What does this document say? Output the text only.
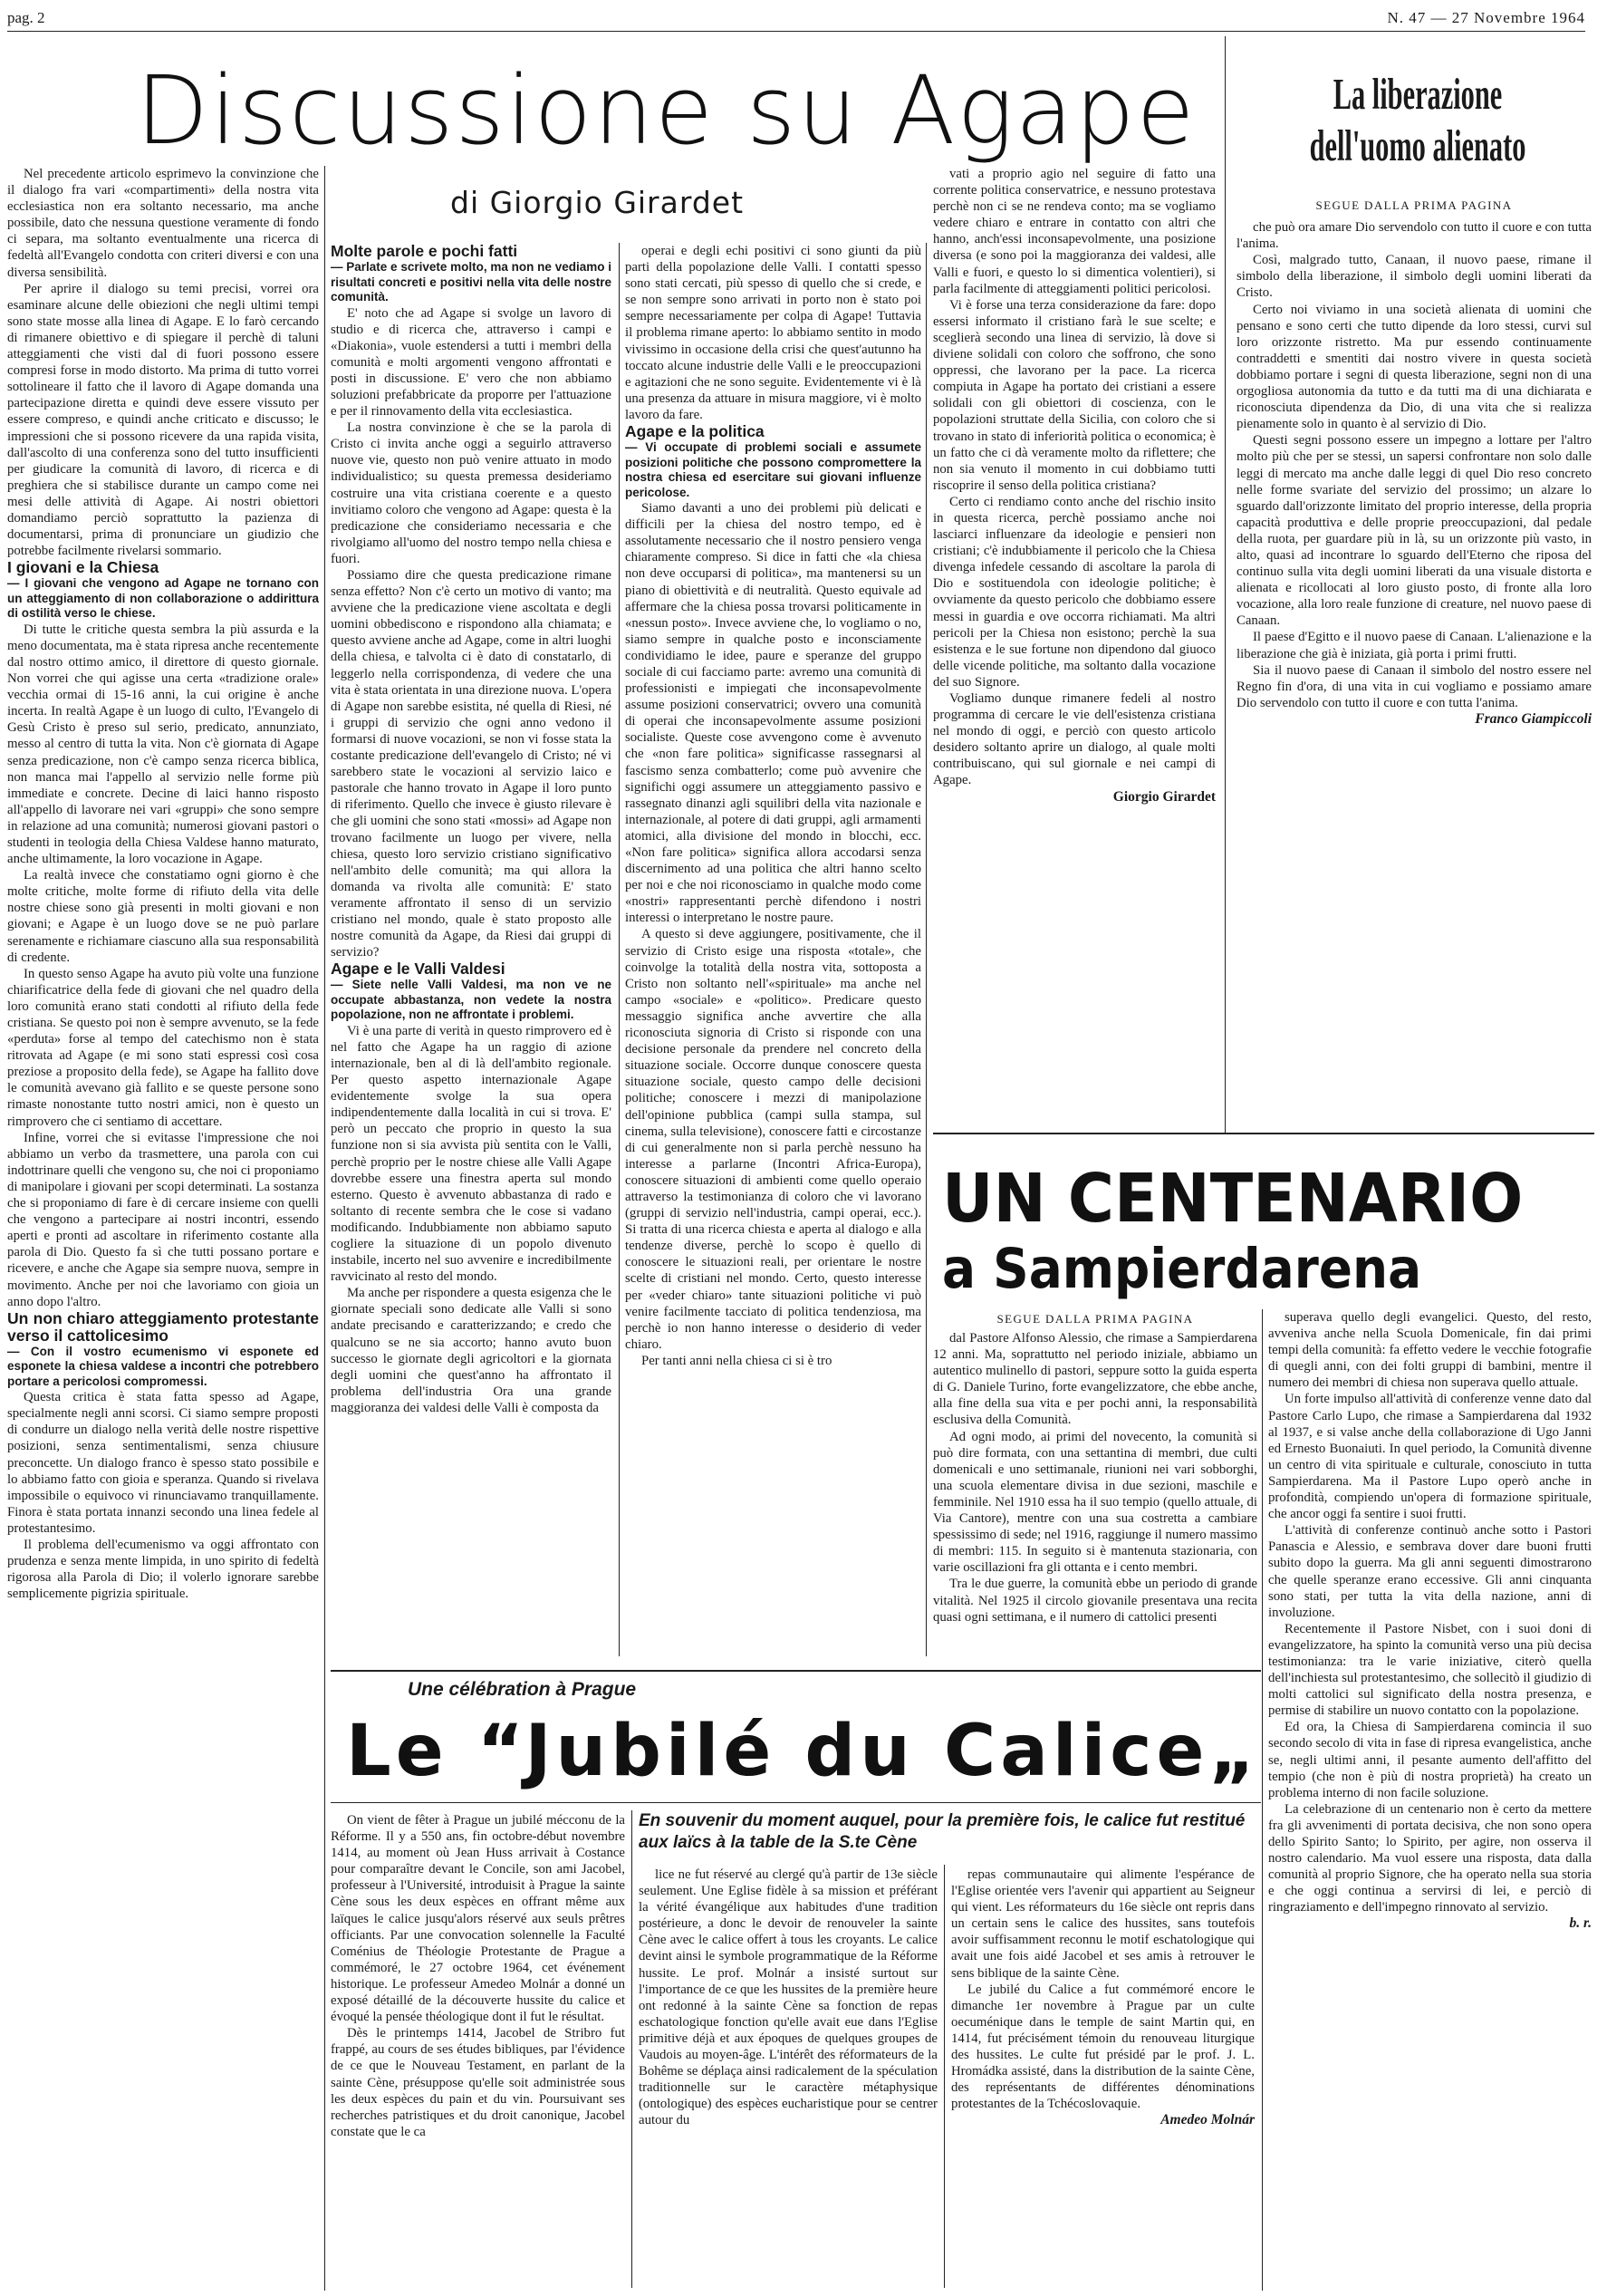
pag. 2	N. 47 — 27 Novembre 1964
Discussione su Agape
di Giorgio Girardet

Nel precedente articolo esprimevo la convinzione che il dialogo fra vari «compartimenti» della nostra vita ecclesiastica non era soltanto necessario, ma anche possibile, dato che nessuna questione veramente di fondo ci separa, ma soltanto eventualmente una ricerca di fedeltà all'Evangelo condotta con criteri diversi e con una diversa sensibilità.

Per aprire il dialogo su temi precisi, vorrei ora esaminare alcune delle obiezioni che negli ultimi tempi sono state mosse alla linea di Agape. E lo farò cercando di rimanere obiettivo e di spiegare il perchè di taluni atteggiamenti che visti dal di fuori possono essere compresi forse in modo distorto. Ma prima di tutto vorrei sottolineare il fatto che il lavoro di Agape domanda una partecipazione diretta e quindi deve essere vissuto per essere compreso, e quindi anche criticato e discusso; le impressioni che si possono ricevere da una rapida visita, dall'ascolto di una conferenza sono del tutto insufficienti per giudicare la comunità di lavoro, di ricerca e di preghiera che si stabilisce durante un campo come nei mesi delle attività di Agape. Ai nostri obiettori domandiamo perciò soprattutto la pazienza di documentarsi, prima di pronunciare un giudizio che potrebbe facilmente rivelarsi sommario.

I giovani e la Chiesa

— I giovani che vengono ad Agape ne tornano con un atteggiamento di non collaborazione o addirittura di ostilità verso le chiese.

Di tutte le critiche questa sembra la più assurda e la meno documentata, ma è stata ripresa anche recentemente dal nostro ottimo amico, il direttore di questo giornale. Non vorrei che qui agisse una certa «tradizione orale» vecchia ormai di 15-16 anni, la cui origine è anche incerta. In realtà Agape è un luogo di culto, l'Evangelo di Gesù Cristo è preso sul serio, predicato, annunziato, messo al centro di tutta la vita. Non c'è giornata di Agape senza predicazione, non c'è campo senza ricerca biblica, non manca mai l'appello al servizio nelle forme più immediate e concrete. Decine di laici hanno risposto all'appello di lavorare nei vari «gruppi» che sono sempre in relazione ad una comunità; numerosi giovani pastori o studenti in teologia della Chiesa Valdese hanno maturato, anche ultimamente, la loro vocazione in Agape.

La realtà invece che constatiamo ogni giorno è che molte critiche, molte forme di rifiuto della vita delle nostre chiese sono già presenti in molti giovani e non giovani; e Agape è un luogo dove se ne può parlare serenamente e richiamare ciascuno alla sua responsabilità di credente.

In questo senso Agape ha avuto più volte una funzione chiarificatrice della fede di giovani che nel quadro della loro comunità erano stati condotti al rifiuto della fede cristiana. Se questo poi non è sempre avvenuto, se la fede «perduta» forse al tempo del catechismo non è stata ritrovata ad Agape (e mi sono stati espressi così cosa preziose a proposito della fede), se Agape ha fallito dove le comunità avevano già fallito e se queste persone sono rimaste nonostante tutto nostri amici, non è questo un rimprovero che ci sentiamo di accettare.

Infine, vorrei che si evitasse l'impressione che noi abbiamo un verbo da trasmettere, una parola con cui indottrinare quelli che vengono su, che noi ci proponiamo di manipolare i giovani per scopi determinati. La sostanza che si proponiamo di fare è di cercare insieme con quelli che vengono a partecipare ai nostri incontri, essendo aperti e pronti ad ascoltare in riferimento costante alla parola di Dio. Questo fa sì che tutti possano portare e ricevere, e anche che Agape sia sempre nuova, sempre in movimento. Anche per noi che lavoriamo con gioia un anno dopo l'altro.

Un non chiaro atteggiamento protestante verso il cattolicesimo

— Con il vostro ecumenismo vi esponete ed esponete la chiesa valdese a incontri che potrebbero portare a pericolosi compromessi.

Questa critica è stata fatta spesso ad Agape, specialmente negli anni scorsi. Ci siamo sempre proposti di condurre un dialogo nella verità delle nostre rispettive posizioni, senza sentimentalismi, senza chiusure preconcette. Un dialogo franco è spesso stato possibile e lo abbiamo fatto con gioia e speranza. Quando si rivelava impossibile o equivoco vi rinunciavamo tranquillamente. Finora è stata portata innanzi secondo una linea fedele al protestantesimo.

Il problema dell'ecumenismo va oggi affrontato con prudenza e senza mente limpida, in uno spirito di fedeltà rigorosa alla Parola di Dio; il volerlo ignorare sarebbe semplicemente pigrizia spirituale.

Molte parole e pochi fatti

— Parlate e scrivete molto, ma non ne vediamo i risultati concreti e positivi nella vita delle nostre comunità.

E' noto che ad Agape si svolge un lavoro di studio e di ricerca che, attraverso i campi e «Diakonia», vuole estendersi a tutti i membri della comunità e molti argomenti vengono affrontati e posti in discussione. E' vero che non abbiamo soluzioni prefabbricate da proporre per l'attuazione e per il rinnovamento della vita ecclesiastica.

La nostra convinzione è che se la parola di Cristo ci invita anche oggi a seguirlo attraverso nuove vie, questo non può venire attuato in modo individualistico; su questa premessa desideriamo costruire una vita cristiana coerente e a questo invitiamo coloro che vengono ad Agape: questa è la predicazione che consideriamo necessaria e che rivolgiamo all'uomo del nostro tempo nella chiesa e fuori.

Possiamo dire che questa predicazione rimane senza effetto? Non c'è certo un motivo di vanto; ma avviene che la predicazione viene ascoltata e degli uomini obbediscono e rispondono alla chiamata; e questo avviene anche ad Agape, come in altri luoghi della chiesa, e talvolta ci è dato di constatarlo, di leggerlo nella corrispondenza, di vedere che una vita è stata orientata in una direzione nuova. L'opera di Agape non sarebbe esistita, né quella di Riesi, né i gruppi di servizio che ogni anno vedono il formarsi di nuove vocazioni, se non vi fosse stata la costante predicazione dell'evangelo di Cristo; né vi sarebbero state le vocazioni al servizio laico e pastorale che hanno trovato in Agape il loro punto di riferimento. Quello che invece è giusto rilevare è che gli uomini che sono stati «mossi» ad Agape non trovano facilmente un luogo per vivere, nella chiesa, questo loro servizio cristiano significativo nell'ambito delle comunità; ma qui allora la domanda va rivolta alle comunità: E' stato veramente affrontato il senso di un servizio cristiano nel mondo, quale è stato proposto alle nostre comunità da Agape, da Riesi dai gruppi di servizio?

Agape e le Valli Valdesi

— Siete nelle Valli Valdesi, ma non ve ne occupate abbastanza, non vedete la nostra popolazione, non ne affrontate i problemi.

Vi è una parte di verità in questo rimprovero ed è nel fatto che Agape ha un raggio di azione internazionale, ben al di là dell'ambito regionale. Per questo aspetto internazionale Agape evidentemente svolge la sua opera indipendentemente dalla località in cui si trova. E' però un peccato che proprio in questo la sua funzione non si sia avvista più sentita con le Valli, perchè proprio per le nostre chiese alle Valli Agape dovrebbe essere una finestra aperta sul mondo esterno. Questo è avvenuto abbastanza di rado e soltanto di recente sembra che le cose si vadano modificando. Indubbiamente non abbiamo saputo cogliere la situazione di un popolo divenuto instabile, incerto nel suo avvenire e incredibilmente ravvicinato al resto del mondo.

Ma anche per rispondere a questa esigenza che le giornate speciali sono dedicate alle Valli si sono andate precisando e caratterizzando; e credo che qualcuno se ne sia accorto; hanno avuto buon successo le giornate degli agricoltori e la giornata degli uomini che quest'anno ha affrontato il problema dell'industria Ora una grande maggioranza dei valdesi delle Valli è composta da

operai e degli echi positivi ci sono giunti da più parti della popolazione delle Valli. I contatti spesso sono stati cercati, più spesso di quello che si crede, e se non sempre sono arrivati in porto non è stato poi sempre necessariamente per colpa di Agape! Tuttavia il problema rimane aperto: lo abbiamo sentito in modo vivissimo in occasione della crisi che quest'autunno ha toccato alcune industrie delle Valli e le preoccupazioni e agitazioni che ne sono seguite. Evidentemente vi è là una presenza da attuare in misura maggiore, vi è molto lavoro da fare.

Agape e la politica

— Vi occupate di problemi sociali e assumete posizioni politiche che possono compromettere la nostra chiesa ed esercitare sui giovani influenze pericolose.

Siamo davanti a uno dei problemi più delicati e difficili per la chiesa del nostro tempo, ed è assolutamente necessario che il nostro pensiero venga chiaramente compreso. Si dice in fatti che «la chiesa non deve occuparsi di politica», ma mantenersi su un piano di obiettività e di neutralità. Questo equivale ad affermare che la chiesa possa trovarsi politicamente in «nessun posto». Invece avviene che, lo vogliamo o no, siamo sempre in qualche posto e inconsciamente condividiamo le idee, paure e speranze del gruppo sociale di cui facciamo parte: avremo una comunità di professionisti e impiegati che inconsapevolmente assume posizioni conservatrici; ovvero una comunità di operai che inconsapevolmente assume posizioni socialiste. Queste cose avvengono come è avvenuto che «non fare politica» significasse rassegnarsi al fascismo senza combatterlo; come può avvenire che significhi oggi assumere un atteggiamento passivo e rassegnato dinanzi agli squilibri della vita nazionale e internazionale, al potere di dati gruppi, agli armamenti atomici, alla divisione del mondo in blocchi, ecc. «Non fare politica» significa allora accodarsi senza discernimento ad una politica che altri hanno scelto per noi e che noi riconosciamo in qualche modo come «nostri» rappresentanti perchè difendono i nostri interessi o interpretano le nostre paure.

A questo si deve aggiungere, positivamente, che il servizio di Cristo esige una risposta «totale», che coinvolge la totalità della nostra vita, sottoposta a Cristo non soltanto nell'«spirituale» ma anche nel campo «sociale» e «politico». Predicare questo messaggio significa anche avvertire che alla riconosciuta signoria di Cristo si risponde con una decisione personale da prendere nel concreto della situazione sociale. Occorre dunque conoscere questa situazione sociale, questo campo delle decisioni politiche; conoscere i mezzi di manipolazione dell'opinione pubblica (campi sulla stampa, sul cinema, sulla televisione), conoscere fatti e circostanze di cui generalmente non si parla perchè nessuno ha interesse a parlarne (Incontri Africa-Europa), conoscere situazioni di ambienti come quello operaio attraverso la testimonianza di coloro che vi lavorano (gruppi di servizio nell'industria, campi operai, ecc.). Si tratta di una ricerca chiesta e aperta al dialogo e alla tendenze diverse, perchè lo scopo è quello di conoscere le situazioni reali, per orientare le nostre scelte di cristiani nel mondo. Certo, questo interesse per «veder chiaro» tante situazioni politiche vi può venire facilmente tacciato di politica tendenziosa, ma perchè io non hanno interesse o desiderio di veder chiaro.

Per tanti anni nella chiesa ci si è tro

vati a proprio agio nel seguire di fatto una corrente politica conservatrice, e nessuno protestava perchè non ci se ne rendeva conto; ma se vogliamo vedere chiaro e entrare in contatto con altri che hanno, anch'essi inconsapevolmente, una posizione diversa (e sono poi la maggioranza dei valdesi, alle Valli e fuori, e questo lo si dimentica volentieri), si parla facilmente di atteggiamenti politici pericolosi.

Vi è forse una terza considerazione da fare: dopo essersi informato il cristiano farà le sue scelte; e sceglierà secondo una linea di servizio, là dove si diviene solidali con coloro che soffrono, che sono oppressi, che lavorano per la pace. La ricerca compiuta in Agape ha portato dei cristiani a essere solidali con gli obiettori di coscienza, con le popolazioni struttate della Sicilia, con coloro che si trovano in stato di inferiorità politica o economica; è un fatto che ci dà veramente molto da riflettere; che non sia venuto il momento in cui dobbiamo tutti riscoprire il senso della politica cristiana?

Certo ci rendiamo conto anche del rischio insito in questa ricerca, perchè possiamo anche noi lasciarci influenzare da ideologie e pensieri non cristiani; c'è indubbiamente il pericolo che la Chiesa divenga infedele cessando di ascoltare la parola di Dio e sostituendola con ideologie politiche; è ovviamente da questo pericolo che dobbiamo essere messi in guardia e ove occorra richiamati. Ma altri pericoli per la Chiesa non esistono; perchè la sua esistenza e le sue fortune non dipendono dal giuoco delle vicende politiche, ma soltanto dalla vocazione del suo Signore.

Vogliamo dunque rimanere fedeli al nostro programma di cercare le vie dell'esistenza cristiana nel mondo di oggi, e perciò con questo articolo desidero soltanto aprire un dialogo, al quale molti contribuiscano, qui sul giornale e nei campi di Agape.

Giorgio Girardet

La liberazione
dell'uomo alienato

SEGUE DALLA PRIMA PAGINA

che può ora amare Dio servendolo con tutto il cuore e con tutta l'anima.

Così, malgrado tutto, Canaan, il nuovo paese, rimane il simbolo della liberazione, il simbolo degli uomini liberati da Cristo.

Certo noi viviamo in una società alienata di uomini che pensano e sono certi che tutto dipende da loro stessi, curvi sul loro orizzonte ristretto. Ma pur essendo continuamente contraddetti e smentiti dai nostro vivere in questa società dobbiamo portare i segni di questa liberazione, segni non di una orgogliosa autonomia da tutto e da tutti ma di una dichiarata e riconosciuta dipendenza da Dio, di una vita che si realizza pienamente solo in quanto è al servizio di Dio.

Questi segni possono essere un impegno a lottare per l'altro molto più che per se stessi, un sapersi confrontare non solo dalle leggi di mercato ma anche dalle leggi di quel Dio reso concreto nelle forme svariate del servizio del prossimo; un alzare lo sguardo dall'orizzonte limitato del proprio interesse, della propria capacità produttiva e delle proprie preoccupazioni, dal pedale della ruota, per guardare più in là, su un orizzonte più vasto, in alto, quasi ad incontrare lo sguardo dell'Eterno che riposa del continuo sulla vita degli uomini liberati da una visuale distorta e alienata e ricollocati al loro giusto posto, di fronte alla loro vocazione, alla loro reale funzione di creature, nel nuovo paese di Canaan.

Il paese d'Egitto e il nuovo paese di Canaan. L'alienazione e la liberazione che già è iniziata, già porta i primi frutti.

Sia il nuovo paese di Canaan il simbolo del nostro essere nel Regno fin d'ora, di una vita in cui vogliamo e possiamo amare Dio servendolo con tutto il cuore e con tutta l'anima.

Franco Giampiccoli

UN CENTENARIO
a Sampierdarena
SEGUE DALLA PRIMA PAGINA

dal Pastore Alfonso Alessio, che rimase a Sampierdarena 12 anni. Ma, soprattutto nel periodo iniziale, abbiamo un autentico mulinello di pastori, seppure sotto la guida esperta di G. Daniele Turino, forte evangelizzatore, che ebbe anche, alla fine della sua vita e per pochi anni, la responsabilità esclusiva della Comunità.

Ad ogni modo, ai primi del novecento, la comunità si può dire formata, con una settantina di membri, due culti domenicali e uno settimanale, riunioni nei vari sobborghi, una scuola elementare divisa in due sezioni, maschile e femminile. Nel 1910 essa ha il suo tempio (quello attuale, di Via Cantore), mentre con una sua costretta a cambiare spessissimo di sede; nel 1916, raggiunge il numero massimo di membri: 115. In seguito si è mantenuta stazionaria, con varie oscillazioni fra gli ottanta e i cento membri.

Tra le due guerre, la comunità ebbe un periodo di grande vitalità. Nel 1925 il circolo giovanile presentava una recita quasi ogni settimana, e il numero di cattolici presenti

superava quello degli evangelici. Questo, del resto, avveniva anche nella Scuola Domenicale, fin dai primi tempi della comunità: fa effetto vedere le vecchie fotografie di quegli anni, con dei folti gruppi di bambini, mentre il numero dei membri di chiesa non superava quello attuale.

Un forte impulso all'attività di conferenze venne dato dal Pastore Carlo Lupo, che rimase a Sampierdarena dal 1932 al 1937, e si valse anche della collaborazione di Ugo Janni ed Ernesto Buonaiuti. In quel periodo, la Comunità divenne un centro di vita spirituale e culturale, conosciuto in tutta Sampierdarena. Ma il Pastore Lupo operò anche in profondità, compiendo un'opera di formazione spirituale, che ancor oggi fa sentire i suoi frutti.

L'attività di conferenze continuò anche sotto i Pastori Panascia e Alessio, e sembrava dover dare buoni frutti subito dopo la guerra. Ma gli anni seguenti dimostrarono che quelle speranze erano eccessive. Gli anni cinquanta sono stati, per tutta la vita della nazione, anni di involuzione.

Recentemente il Pastore Nisbet, con i suoi doni di evangelizzatore, ha spinto la comunità verso una più decisa testimonianza: tra le varie iniziative, citerò quella dell'inchiesta sul protestantesimo, che sollecitò il giudizio di molti cattolici sul significato della nostra presenza, e permise di stabilire un nuovo contatto con la popolazione.

Ed ora, la Chiesa di Sampierdarena comincia il suo secondo secolo di vita in fase di ripresa evangelistica, anche se, negli ultimi anni, il pesante aumento dell'affitto del tempio (che non è più di nostra proprietà) ha creato un problema interno di non facile soluzione.

La celebrazione di un centenario non è certo da mettere fra gli avvenimenti di portata decisiva, che non sono opera dello Spirito Santo; lo Spirito, per agire, non osserva il nostro calendario. Ma vuol essere una risposta, data dalla comunità al proprio Signore, che ha operato nella sua storia e che oggi continua a servirsi di lei, e perciò di ringraziamento e dell'impegno rinnovato al servizio.

b. r.

Une célébration à Prague
Le “Jubilé du Calice„

On vient de fêter à Prague un jubilé mécconu de la Réforme. Il y a 550 ans, fin octobre-début novembre 1414, au moment où Jean Huss arrivait à Costance pour comparaître devant le Concile, son ami Jacobel, professeur à l'Université, introduisit à Prague la sainte Cène sous les deux espèces en offrant même aux laïques le calice jusqu'alors réservé aux seuls prêtres officiants. Par une convocation solennelle la Faculté Coménius de Théologie Protestante de Prague a commémoré, le 27 octobre 1964, cet événement historique. Le professeur Amedeo Molnár a donné un exposé détaillé de la découverte hussite du calice et évoqué la pensée théologique dont il fut le résultat.

Dès le printemps 1414, Jacobel de Stribro fut frappé, au cours de ses études bibliques, par l'évidence de ce que le Nouveau Testament, en parlant de la sainte Cène, présuppose qu'elle soit administrée sous les deux espèces du pain et du vin. Poursuivant ses recherches patristiques et du droit canonique, Jacobel constate que le ca

En souvenir du moment auquel, pour la première fois, le calice fut restitué aux laïcs à la table de la S.te Cène

lice ne fut réservé au clergé qu'à partir de 13e siècle seulement. Une Eglise fidèle à sa mission et préférant la vérité évangélique aux habitudes d'une tradition postérieure, a donc le devoir de renouveler la sainte Cène avec le calice offert à tous les croyants. Le calice devint ainsi le symbole programmatique de la Réforme hussite. Le prof. Molnár a insisté surtout sur l'importance de ce que les hussites de la première heure ont redonné à la sainte Cène sa fonction de repas eschatologique fonction qu'elle avait eue dans l'Eglise primitive déjà et aux époques de quelques groupes de Vaudois au moyen-âge. L'intérêt des réformateurs de la Bohême se déplaça ainsi radicalement de la spéculation traditionnelle sur le caractère métaphysique (ontologique) des espèces eucharistique pour se centrer autour du

repas communautaire qui alimente l'espérance de l'Eglise orientée vers l'avenir qui appartient au Seigneur qui vient. Les réformateurs du 16e siècle ont repris dans un certain sens le calice des hussites, sans toutefois avoir suffisamment reconnu le motif eschatologique qui avait une fois aidé Jacobel et ses amis à retrouver le sens biblique de la sainte Cène.

Le jubilé du Calice a fut commémoré encore le dimanche 1er novembre à Prague par un culte oecuménique dans le temple de saint Martin qui, en 1414, fut précisément témoin du renouveau liturgique des hussites. Le culte fut présidé par le prof. J. L. Hromádka assisté, dans la distribution de la sainte Cène, des représentants de différentes dénominations protestantes de la Tchécoslovaquie.

Amedeo Molnár
